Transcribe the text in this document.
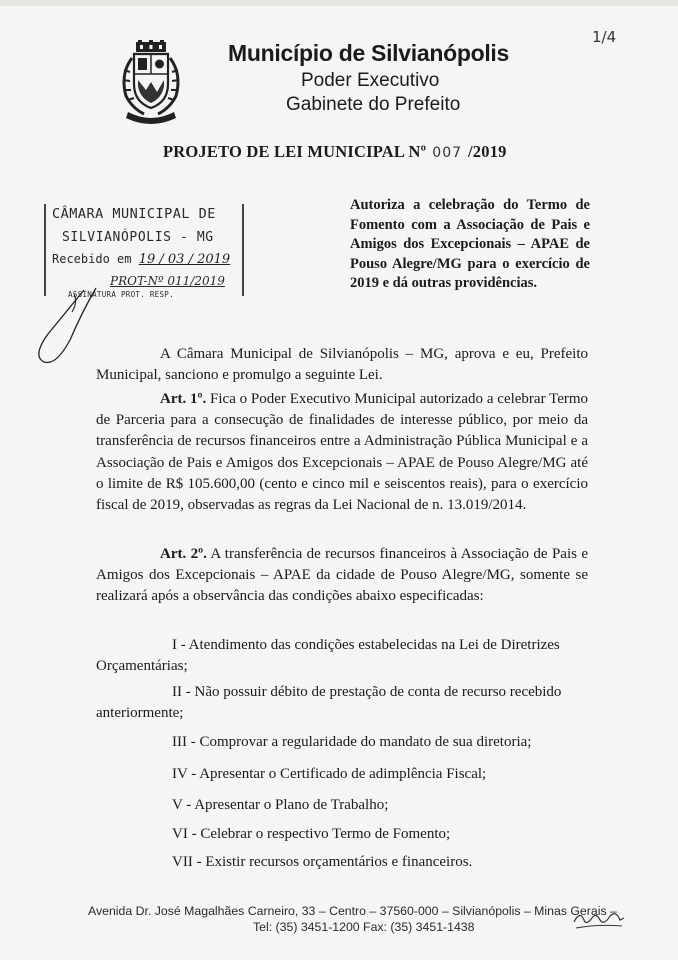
1/4
Município de Silvianópolis
Poder Executivo
Gabinete do Prefeito
PROJETO DE LEI MUNICIPAL Nº 007 /2019
CÂMARA MUNICIPAL DE
SILVIANÓPOLIS - MG
Recebido em 19 / 03 / 2019
PROT-Nº 011/2019
ASSINATURA PROT. RESP.
Autoriza a celebração do Termo de Fomento com a Associação de Pais e Amigos dos Excepcionais – APAE de Pouso Alegre/MG para o exercício de 2019 e dá outras providências.
A Câmara Municipal de Silvianópolis – MG, aprova e eu, Prefeito Municipal, sanciono e promulgo a seguinte Lei.
Art. 1º. Fica o Poder Executivo Municipal autorizado a celebrar Termo de Parceria para a consecução de finalidades de interesse público, por meio da transferência de recursos financeiros entre a Administração Pública Municipal e a Associação de Pais e Amigos dos Excepcionais – APAE de Pouso Alegre/MG até o limite de R$ 105.600,00 (cento e cinco mil e seiscentos reais), para o exercício fiscal de 2019, observadas as regras da Lei Nacional de n. 13.019/2014.
Art. 2º. A transferência de recursos financeiros à Associação de Pais e Amigos dos Excepcionais – APAE da cidade de Pouso Alegre/MG, somente se realizará após a observância das condições abaixo especificadas:
I - Atendimento das condições estabelecidas na Lei de Diretrizes Orçamentárias;
II - Não possuir débito de prestação de conta de recurso recebido anteriormente;
III - Comprovar a regularidade do mandato de sua diretoria;
IV - Apresentar o Certificado de adimplência Fiscal;
V - Apresentar o Plano de Trabalho;
VI - Celebrar o respectivo Termo de Fomento;
VII - Existir recursos orçamentários e financeiros.
Avenida Dr. José Magalhães Carneiro, 33 – Centro – 37560-000 – Silvianópolis – Minas Gerais –
Tel: (35) 3451-1200 Fax: (35) 3451-1438
